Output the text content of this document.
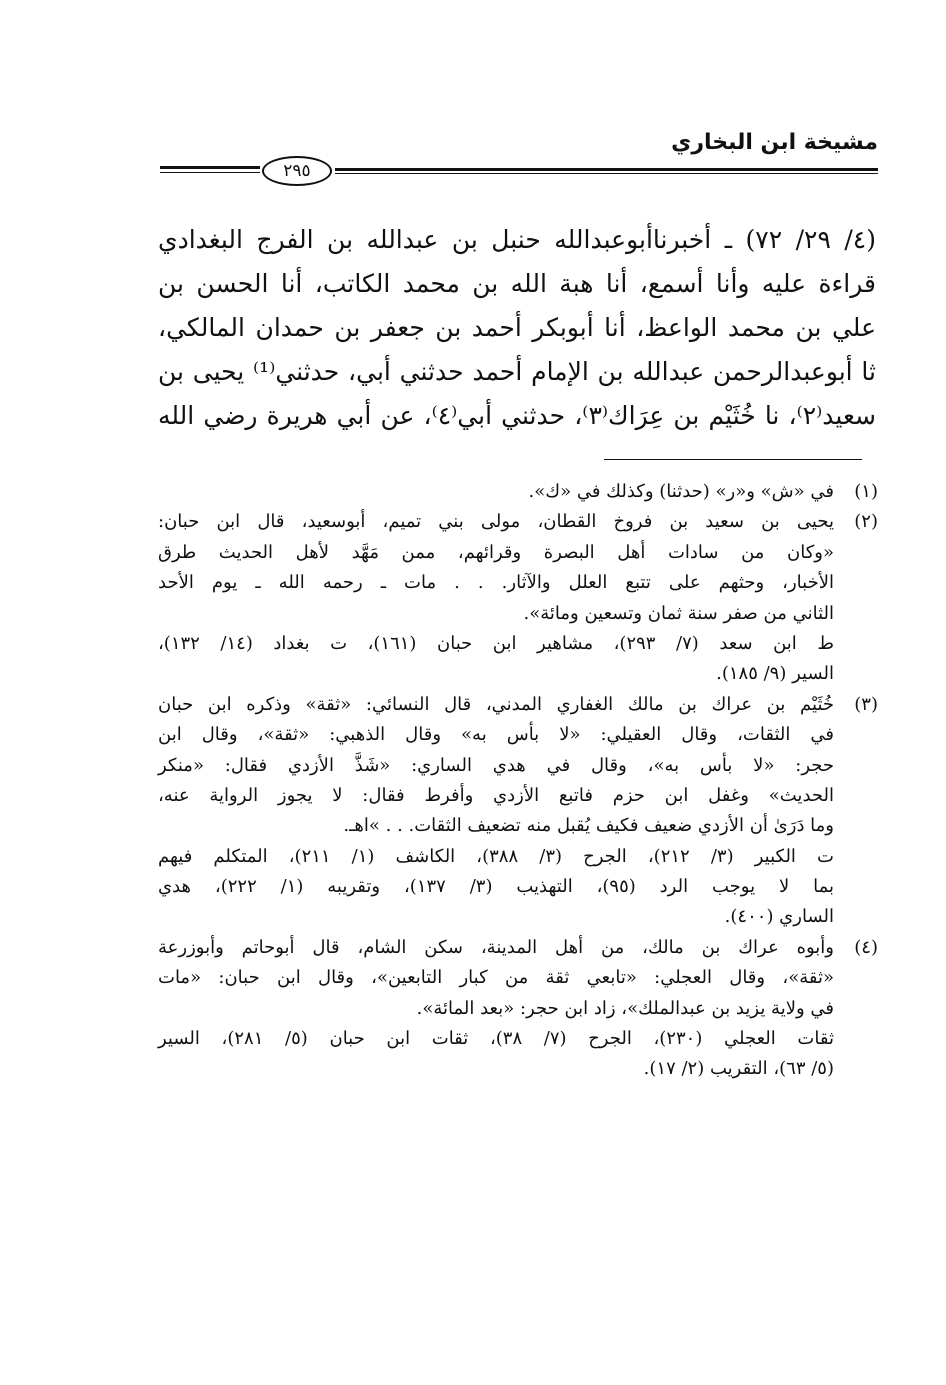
مشيخة ابن البخاري
٢٩٥
(٤/ ٢٩/ ٧٢) ـ أخبرناأبوعبدالله حنبل بن عبدالله بن الفرج البغدادي
قراءة عليه وأنا أسمع، أنا هبة الله بن محمد الكاتب، أنا الحسن بن
علي بن محمد الواعظ، أنا أبوبكر أحمد بن جعفر بن حمدان المالكي،
ثا أبوعبدالرحمن عبدالله بن الإمام أحمد حدثني أبي، حدثني⁽¹⁾ يحيى بن
سعيد⁽٢⁾، نا خُثَيْم بن عِرَاك⁽٣⁾، حدثني أبي⁽٤⁾، عن أبي هريرة رضي الله
(١)
في «ش» و«ر» (حدثنا) وكذلك في «ك».
(٢)
يحيى بن سعيد بن فروخ القطان، مولى بني تميم، أبوسعيد، قال ابن حبان:
«وكان من سادات أهل البصرة وقرائهم، ممن مَهَّد لأهل الحديث طرق
الأخبار، وحثهم على تتبع العلل والآثار. . . مات ـ رحمه الله ـ يوم الأحد
الثاني من صفر سنة ثمان وتسعين ومائة».
ط ابن سعد (٧/ ٢٩٣)، مشاهير ابن حبان (١٦١)، ت بغداد (١٤/ ١٣٢)،
السير (٩/ ١٨٥).
(٣)
خُثَيْم بن عراك بن مالك الغفاري المدني، قال النسائي: «ثقة» وذكره ابن حبان
في الثقات، وقال العقيلي: «لا بأس به» وقال الذهبي: «ثقة»، وقال ابن
حجر: «لا بأس به»، وقال في هدي الساري: «شَذَّ الأزدي فقال: «منكر
الحديث» وغفل ابن حزم فاتبع الأزدي وأفرط فقال: لا يجوز الرواية عنه،
وما دَرَىٰ أن الأزدي ضعيف فكيف يُقبل منه تضعيف الثقات. . . »اهـ.
ت الكبير (٣/ ٢١٢)، الجرح (٣/ ٣٨٨)، الكاشف (١/ ٢١١)، المتكلم فيهم
بما لا يوجب الرد (٩٥)، التهذيب (٣/ ١٣٧)، وتقريبه (١/ ٢٢٢)، هدي
الساري (٤٠٠).
(٤)
وأبوه عراك بن مالك، من أهل المدينة، سكن الشام، قال أبوحاتم وأبوزرعة
«ثقة»، وقال العجلي: «تابعي ثقة من كبار التابعين»، وقال ابن حبان: «مات
في ولاية يزيد بن عبدالملك»، زاد ابن حجر: «بعد المائة».
ثقات العجلي (٢٣٠)، الجرح (٧/ ٣٨)، ثقات ابن حبان (٥/ ٢٨١)، السير
(٥/ ٦٣)، التقريب (٢/ ١٧).
